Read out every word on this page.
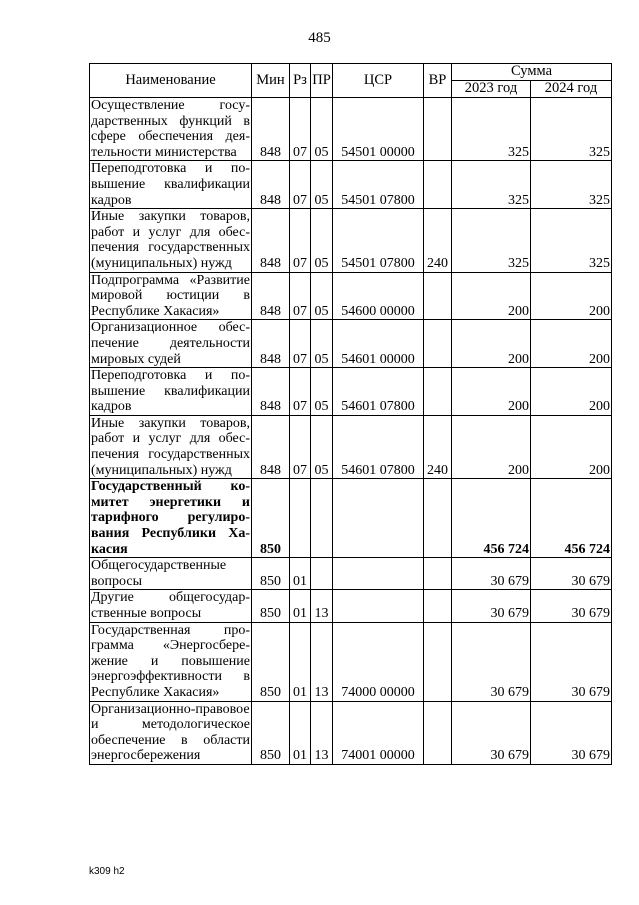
485
Наименование	Мин	Рз	ПР	ЦСР	ВР	Сумма	
						2023 год	2024 год
Осуществление государственных функций в сфере обеспечения деятельности министерства	848	07	05	54501 00000		325	325
Переподготовка и повышение квалификации кадров	848	07	05	54501 07800		325	325
Иные закупки товаров, работ и услуг для обеспечения государственных (муниципальных) нужд	848	07	05	54501 07800	240	325	325
Подпрограмма «Развитие мировой юстиции в Республике Хакасия»	848	07	05	54600 00000		200	200
Организационное обеспечение деятельности мировых судей	848	07	05	54601 00000		200	200
Переподготовка и повышение квалификации кадров	848	07	05	54601 07800		200	200
Иные закупки товаров, работ и услуг для обеспечения государственных (муниципальных) нужд	848	07	05	54601 07800	240	200	200
Государственный комитет энергетики и тарифного регулирования Республики Хакасия	850					456 724	456 724
Общегосударственные вопросы	850	01				30 679	30 679
Другие общегосударственные вопросы	850	01	13			30 679	30 679
Государственная программа «Энергосбережение и повышение энергоэффективности в Республике Хакасия»	850	01	13	74000 00000		30 679	30 679
Организационно-правовое и методологическое обеспечение в области энергосбережения	850	01	13	74001 00000		30 679	30 679
k309 h2
